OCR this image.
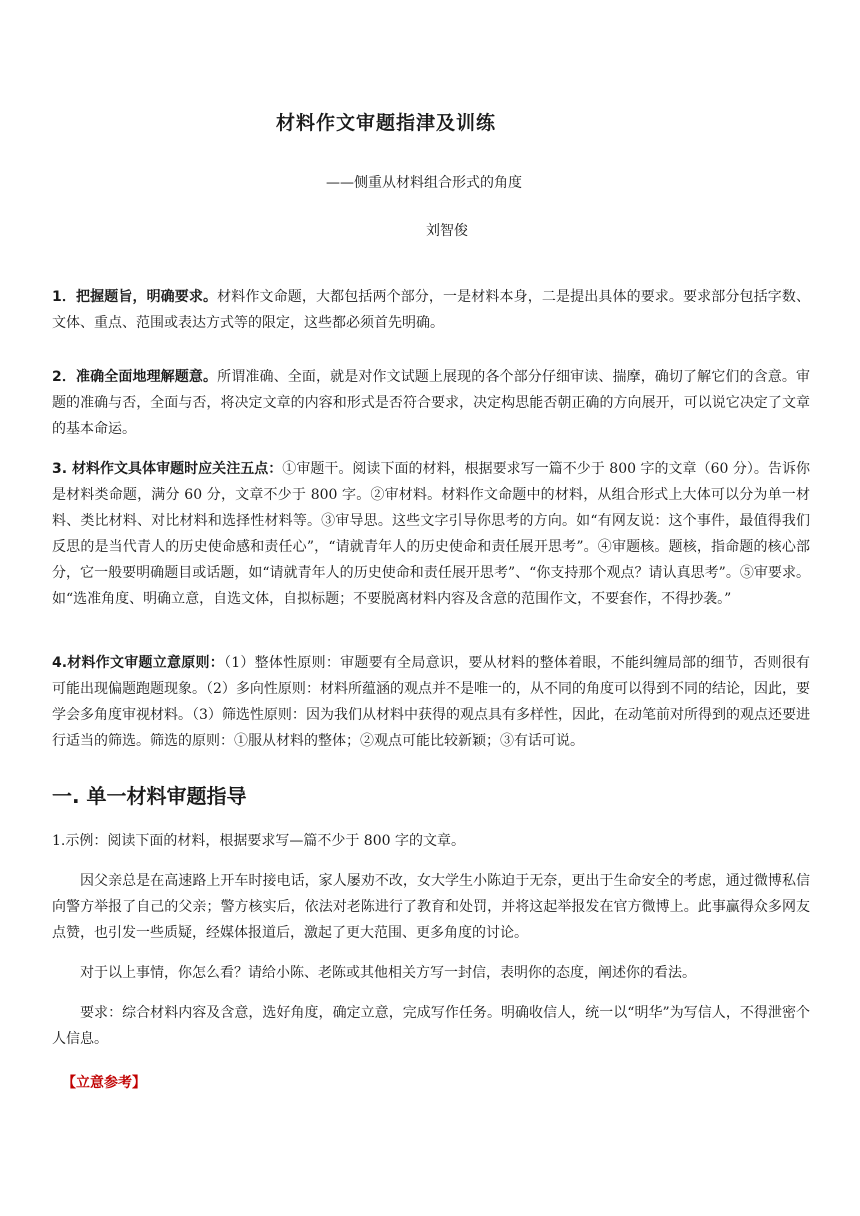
材料作文审题指津及训练
——侧重从材料组合形式的角度
刘智俊

1．把握题旨，明确要求。材料作文命题，大都包括两个部分，一是材料本身，二是提出具体的要求。要求部分包括字数、文体、重点、范围或表达方式等的限定，这些都必须首先明确。

2．准确全面地理解题意。所谓准确、全面，就是对作文试题上展现的各个部分仔细审读、揣摩，确切了解它们的含意。审题的准确与否，全面与否，将决定文章的内容和形式是否符合要求，决定构思能否朝正确的方向展开，可以说它决定了文章的基本命运。

3. 材料作文具体审题时应关注五点：①审题干。阅读下面的材料，根据要求写一篇不少于 800 字的文章（60 分）。告诉你是材料类命题，满分 60 分，文章不少于 800 字。②审材料。材料作文命题中的材料，从组合形式上大体可以分为单一材料、类比材料、对比材料和选择性材料等。③审导思。这些文字引导你思考的方向。如“有网友说：这个事件，最值得我们反思的是当代青人的历史使命感和责任心”，“请就青年人的历史使命和责任展开思考”。④审题核。题核，指命题的核心部分，它一般要明确题目或话题，如“请就青年人的历史使命和责任展开思考”、“你支持那个观点？请认真思考”。⑤审要求。如“选准角度、明确立意，自选文体，自拟标题；不要脱离材料内容及含意的范围作文，不要套作，不得抄袭。”

4.材料作文审题立意原则：（1）整体性原则：审题要有全局意识，要从材料的整体着眼，不能纠缠局部的细节，否则很有可能出现偏题跑题现象。（2）多向性原则：材料所蕴涵的观点并不是唯一的，从不同的角度可以得到不同的结论，因此，要学会多角度审视材料。（3）筛选性原则：因为我们从材料中获得的观点具有多样性，因此，在动笔前对所得到的观点还要进行适当的筛选。筛选的原则：①服从材料的整体；②观点可能比较新颖；③有话可说。

一. 单一材料审题指导

1.示例：阅读下面的材料，根据要求写—篇不少于 800 字的文章。

因父亲总是在高速路上开车时接电话，家人屡劝不改，女大学生小陈迫于无奈，更出于生命安全的考虑，通过微博私信向警方举报了自己的父亲；警方核实后，依法对老陈进行了教育和处罚，并将这起举报发在官方微博上。此事赢得众多网友点赞，也引发一些质疑，经媒体报道后，激起了更大范围、更多角度的讨论。

对于以上事情，你怎么看？请给小陈、老陈或其他相关方写一封信，表明你的态度，阐述你的看法。

要求：综合材料内容及含意，选好角度，确定立意，完成写作任务。明确收信人，统一以“明华”为写信人，不得泄密个人信息。

【立意参考】
